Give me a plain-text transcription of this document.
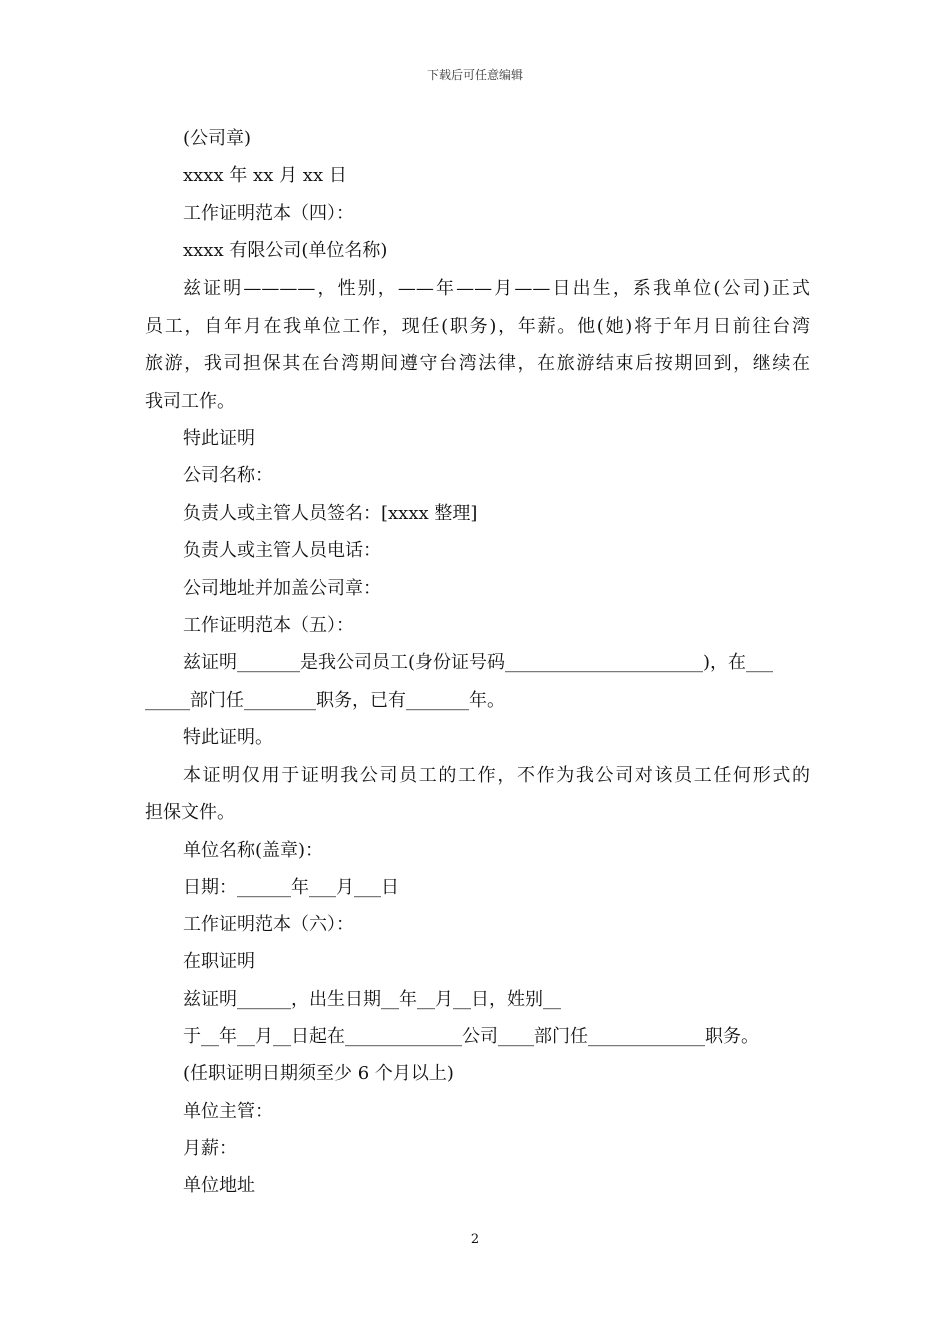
下载后可任意编辑
(公司章)
xxxx 年 xx 月 xx 日
工作证明范本（四）：
xxxx 有限公司(单位名称)
兹证明————，性别，——年——月——日出生，系我单位(公司)正式
员工，自年月在我单位工作，现任(职务)，年薪。他(她)将于年月日前往台湾
旅游，我司担保其在台湾期间遵守台湾法律，在旅游结束后按期回到，继续在
我司工作。
特此证明
公司名称：
负责人或主管人员签名：[xxxx 整理]
负责人或主管人员电话：
公司地址并加盖公司章：
工作证明范本（五）：
兹证明_______是我公司员工(身份证号码______________________)，在___
_____部门任________职务，已有_______年。
特此证明。
本证明仅用于证明我公司员工的工作，不作为我公司对该员工任何形式的
担保文件。
单位名称(盖章)：
日期：______年___月___日
工作证明范本（六）：
在职证明
兹证明______，出生日期__年__月__日，姓别__
于__年__月__日起在_____________公司____部门任_____________职务。
(任职证明日期须至少 6 个月以上)
单位主管：
月薪：
单位地址
2
